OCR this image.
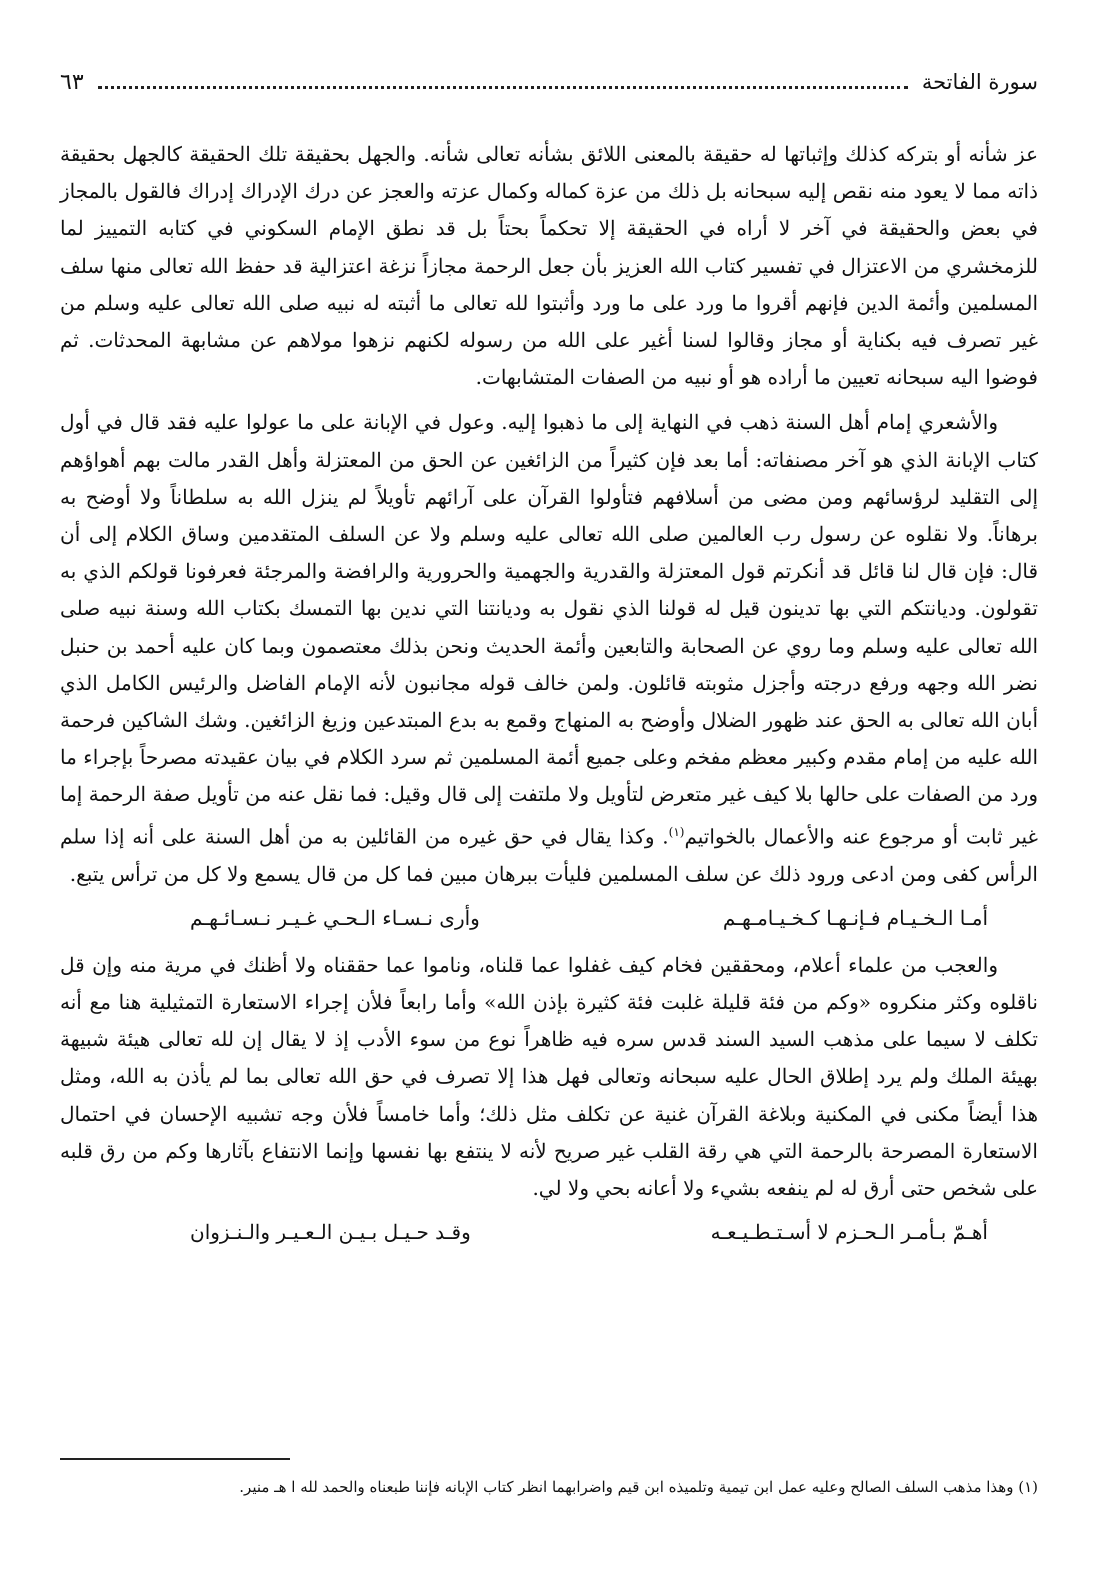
سورة الفاتحة
٦٣

عز شأنه أو بتركه كذلك وإثباتها له حقيقة بالمعنى اللائق بشأنه تعالى شأنه. والجهل بحقيقة تلك الحقيقة كالجهل بحقيقة ذاته مما لا يعود منه نقص إليه سبحانه بل ذلك من عزة كماله وكمال عزته والعجز عن درك الإدراك إدراك فالقول بالمجاز في بعض والحقيقة في آخر لا أراه في الحقيقة إلا تحكماً بحتاً بل قد نطق الإمام السكوني في كتابه التمييز لما للزمخشري من الاعتزال في تفسير كتاب الله العزيز بأن جعل الرحمة مجازاً نزغة اعتزالية قد حفظ الله تعالى منها سلف المسلمين وأئمة الدين فإنهم أقروا ما ورد على ما ورد وأثبتوا لله تعالى ما أثبته له نبيه صلى الله تعالى عليه وسلم من غير تصرف فيه بكناية أو مجاز وقالوا لسنا أغير على الله من رسوله لكنهم نزهوا مولاهم عن مشابهة المحدثات. ثم فوضوا اليه سبحانه تعيين ما أراده هو أو نبيه من الصفات المتشابهات.

والأشعري إمام أهل السنة ذهب في النهاية إلى ما ذهبوا إليه. وعول في الإبانة على ما عولوا عليه فقد قال في أول كتاب الإبانة الذي هو آخر مصنفاته: أما بعد فإن كثيراً من الزائغين عن الحق من المعتزلة وأهل القدر مالت بهم أهواؤهم إلى التقليد لرؤسائهم ومن مضى من أسلافهم فتأولوا القرآن على آرائهم تأويلاً لم ينزل الله به سلطاناً ولا أوضح به برهاناً. ولا نقلوه عن رسول رب العالمين صلى الله تعالى عليه وسلم ولا عن السلف المتقدمين وساق الكلام إلى أن قال: فإن قال لنا قائل قد أنكرتم قول المعتزلة والقدرية والجهمية والحرورية والرافضة والمرجئة فعرفونا قولكم الذي به تقولون. وديانتكم التي بها تدينون قيل له قولنا الذي نقول به وديانتنا التي ندين بها التمسك بكتاب الله وسنة نبيه صلى الله تعالى عليه وسلم وما روي عن الصحابة والتابعين وأئمة الحديث ونحن بذلك معتصمون وبما كان عليه أحمد بن حنبل نضر الله وجهه ورفع درجته وأجزل مثوبته قائلون. ولمن خالف قوله مجانبون لأنه الإمام الفاضل والرئيس الكامل الذي أبان الله تعالى به الحق عند ظهور الضلال وأوضح به المنهاج وقمع به بدع المبتدعين وزيغ الزائغين. وشك الشاكين فرحمة الله عليه من إمام مقدم وكبير معظم مفخم وعلى جميع أئمة المسلمين ثم سرد الكلام في بيان عقيدته مصرحاً بإجراء ما ورد من الصفات على حالها بلا كيف غير متعرض لتأويل ولا ملتفت إلى قال وقيل: فما نقل عنه من تأويل صفة الرحمة إما غير ثابت أو مرجوع عنه والأعمال بالخواتيم$^{(١)}$. وكذا يقال في حق غيره من القائلين به من أهل السنة على أنه إذا سلم الرأس كفى ومن ادعى ورود ذلك عن سلف المسلمين فليأت ببرهان مبين فما كل من قال يسمع ولا كل من ترأس يتبع.

أمـا الـخـيـام فـإنـهـا كـخـيـامـهـم
وأرى نـسـاء الـحـي غـيـر نـسـائـهـم

والعجب من علماء أعلام، ومحققين فخام كيف غفلوا عما قلناه، وناموا عما حققناه ولا أظنك في مرية منه وإن قل ناقلوه وكثر منكروه «وكم من فئة قليلة غلبت فئة كثيرة بإذن الله» وأما رابعاً فلأن إجراء الاستعارة التمثيلية هنا مع أنه تكلف لا سيما على مذهب السيد السند قدس سره فيه ظاهراً نوع من سوء الأدب إذ لا يقال إن لله تعالى هيئة شبيهة بهيئة الملك ولم يرد إطلاق الحال عليه سبحانه وتعالى فهل هذا إلا تصرف في حق الله تعالى بما لم يأذن به الله، ومثل هذا أيضاً مكنى في المكنية وبلاغة القرآن غنية عن تكلف مثل ذلك؛ وأما خامساً فلأن وجه تشبيه الإحسان في احتمال الاستعارة المصرحة بالرحمة التي هي رقة القلب غير صريح لأنه لا ينتفع بها نفسها وإنما الانتفاع بآثارها وكم من رق قلبه على شخص حتى أرق له لم ينفعه بشيء ولا أعانه بحي ولا لي.

أهـمّ بـأمـر الـحـزم لا أسـتـطـيـعـه
وقـد حـيـل بـيـن الـعـيـر والـنـزوان
(١) وهذا مذهب السلف الصالح وعليه عمل ابن تيمية وتلميذه ابن قيم واضرابهما انظر كتاب الإبانه فإننا طبعناه والحمد لله ا هـ منير.
